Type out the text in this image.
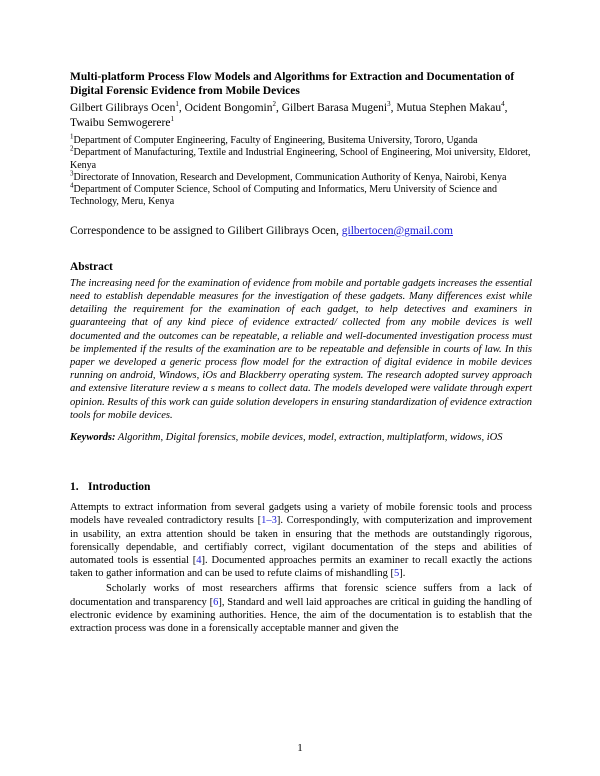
Multi-platform Process Flow Models and Algorithms for Extraction and Documentation of Digital Forensic Evidence from Mobile Devices

Gilbert Gilibrays Ocen$^1$, Ocident Bongomin$^2$, Gilbert Barasa Mugeni$^3$, Mutua Stephen Makau$^4$, Twaibu Semwogerere$^1$

$^1$Department of Computer Engineering, Faculty of Engineering, Busitema University, Tororo, Uganda

$^2$Department of Manufacturing, Textile and Industrial Engineering, School of Engineering, Moi university, Eldoret, Kenya

$^3$Directorate of Innovation, Research and Development, Communication Authority of Kenya, Nairobi, Kenya

$^4$Department of Computer Science, School of Computing and Informatics, Meru University of Science and Technology, Meru, Kenya

Correspondence to be assigned to Gilibert Gilibrays Ocen, gilbertocen@gmail.com
Abstract
The increasing need for the examination of evidence from mobile and portable gadgets increases the essential need to establish dependable measures for the investigation of these gadgets. Many differences exist while detailing the requirement for the examination of each gadget, to help detectives and examiners in guaranteeing that of any kind piece of evidence extracted/ collected from any mobile devices is well documented and the outcomes can be repeatable, a reliable and well-documented investigation process must be implemented if the results of the examination are to be repeatable and defensible in courts of law. In this paper we developed a generic process flow model for the extraction of digital evidence in mobile devices running on android, Windows, iOs and Blackberry operating system. The research adopted survey approach and extensive literature review a s means to collect data. The models developed were validate through expert opinion. Results of this work can guide solution developers in ensuring standardization of evidence extraction tools for mobile devices.
Keywords: Algorithm, Digital forensics, mobile devices, model, extraction, multiplatform, widows, iOS
1. Introduction
Attempts to extract information from several gadgets using a variety of mobile forensic tools and process models have revealed contradictory results [1–3]. Correspondingly, with computerization and improvement in usability, an extra attention should be taken in ensuring that the methods are outstandingly rigorous, forensically dependable, and certifiably correct, vigilant documentation of the steps and abilities of automated tools is essential [4]. Documented approaches permits an examiner to recall exactly the actions taken to gather information and can be used to refute claims of mishandling [5].
Scholarly works of most researchers affirms that forensic science suffers from a lack of documentation and transparency [6], Standard and well laid approaches are critical in guiding the handling of electronic evidence by examining authorities. Hence, the aim of the documentation is to establish that the extraction process was done in a forensically acceptable manner and given the
1
